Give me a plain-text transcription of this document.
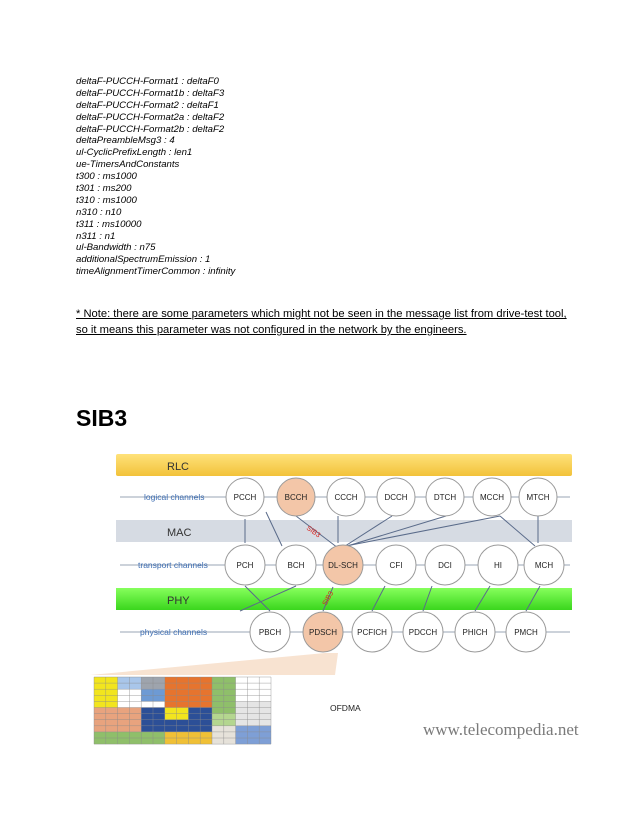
deltaF-PUCCH-Format1 : deltaF0
deltaF-PUCCH-Format1b : deltaF3
deltaF-PUCCH-Format2 : deltaF1
deltaF-PUCCH-Format2a : deltaF2
deltaF-PUCCH-Format2b : deltaF2
deltaPreambleMsg3 : 4
ul-CyclicPrefixLength : len1
ue-TimersAndConstants
t300 : ms1000
t301 : ms200
t310 : ms1000
n310 : n10
t311 : ms10000
n311 : n1
ul-Bandwidth : n75
additionalSpectrumEmission : 1
timeAlignmentTimerCommon : infinity
* Note: there are some parameters which might not be seen in the message list from drive-test tool, so it means this parameter was not configured in the network by the engineers.
SIB3
RLC
MAC
PHY
logical channels
transport channels
physical channels
PCCH	BCCH	CCCH	DCCH	DTCH	MCCH	MTCH
PCH	BCH	DL-SCH	CFI	DCI	HI	MCH
PBCH	PDSCH	PCFICH	PDCCH	PHICH	PMCH
SIB3
SIB3
OFDMA
www.telecompedia.net
